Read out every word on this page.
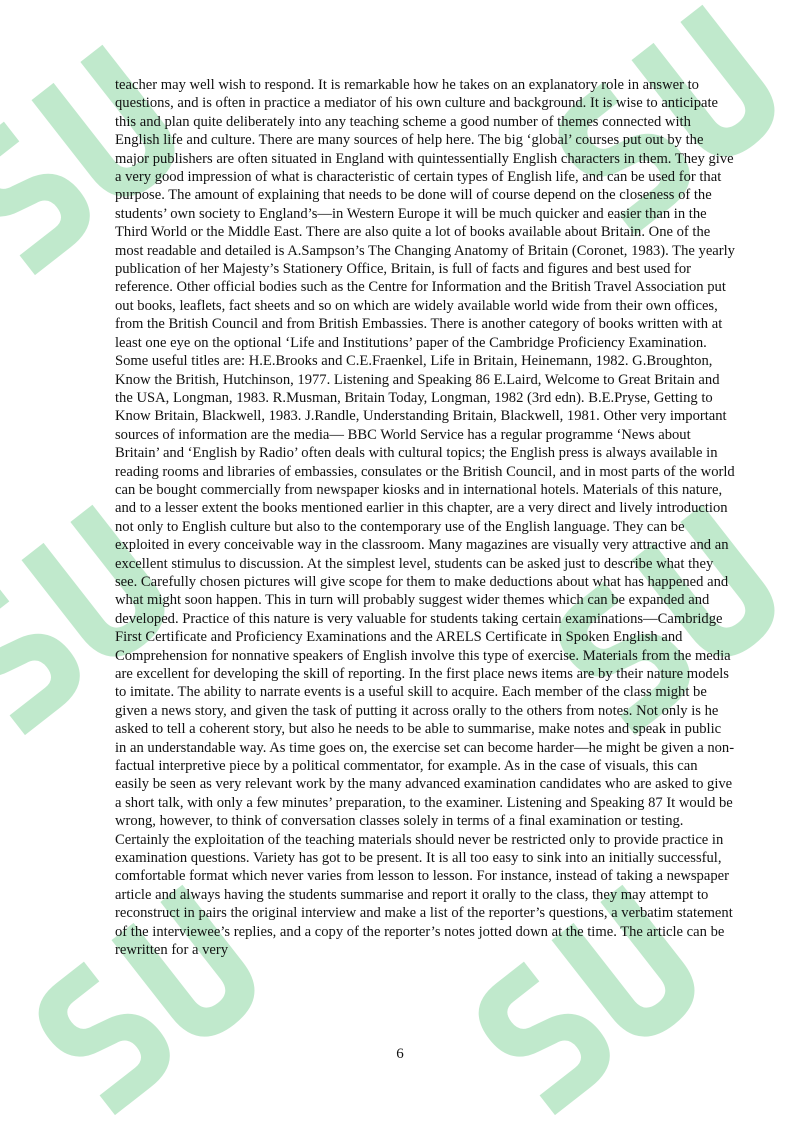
teacher may well wish to respond. It is remarkable how he takes on an explanatory role in answer to questions, and is often in practice a mediator of his own culture and background. It is wise to anticipate this and plan quite deliberately into any teaching scheme a good number of themes connected with English life and culture. There are many sources of help here. The big ‘global’ courses put out by the major publishers are often situated in England with quintessentially English characters in them. They give a very good impression of what is characteristic of certain types of English life, and can be used for that purpose. The amount of explaining that needs to be done will of course depend on the closeness of the students’ own society to England’s—in Western Europe it will be much quicker and easier than in the Third World or the Middle East. There are also quite a lot of books available about Britain. One of the most readable and detailed is A.Sampson’s The Changing Anatomy of Britain (Coronet, 1983). The yearly publication of her Majesty’s Stationery Office, Britain, is full of facts and figures and best used for reference. Other official bodies such as the Centre for Information and the British Travel Association put out books, leaflets, fact sheets and so on which are widely available world wide from their own offices, from the British Council and from British Embassies. There is another category of books written with at least one eye on the optional ‘Life and Institutions’ paper of the Cambridge Proficiency Examination. Some useful titles are: H.E.Brooks and C.E.Fraenkel, Life in Britain, Heinemann, 1982. G.Broughton, Know the British, Hutchinson, 1977. Listening and Speaking 86 E.Laird, Welcome to Great Britain and the USA, Longman, 1983. R.Musman, Britain Today, Longman, 1982 (3rd edn). B.E.Pryse, Getting to Know Britain, Blackwell, 1983. J.Randle, Understanding Britain, Blackwell, 1981. Other very important sources of information are the media— BBC World Service has a regular programme ‘News about Britain’ and ‘English by Radio’ often deals with cultural topics; the English press is always available in reading rooms and libraries of embassies, consulates or the British Council, and in most parts of the world can be bought commercially from newspaper kiosks and in international hotels. Materials of this nature, and to a lesser extent the books mentioned earlier in this chapter, are a very direct and lively introduction not only to English culture but also to the contemporary use of the English language. They can be exploited in every conceivable way in the classroom. Many magazines are visually very attractive and an excellent stimulus to discussion. At the simplest level, students can be asked just to describe what they see. Carefully chosen pictures will give scope for them to make deductions about what has happened and what might soon happen. This in turn will probably suggest wider themes which can be expanded and developed. Practice of this nature is very valuable for students taking certain examinations—Cambridge First Certificate and Proficiency Examinations and the ARELS Certificate in Spoken English and Comprehension for nonnative speakers of English involve this type of exercise. Materials from the media are excellent for developing the skill of reporting. In the first place news items are by their nature models to imitate. The ability to narrate events is a useful skill to acquire. Each member of the class might be given a news story, and given the task of putting it across orally to the others from notes. Not only is he asked to tell a coherent story, but also he needs to be able to summarise, make notes and speak in public in an understandable way. As time goes on, the exercise set can become harder—he might be given a non-factual interpretive piece by a political commentator, for example. As in the case of visuals, this can easily be seen as very relevant work by the many advanced examination candidates who are asked to give a short talk, with only a few minutes’ preparation, to the examiner. Listening and Speaking 87 It would be wrong, however, to think of conversation classes solely in terms of a final examination or testing. Certainly the exploitation of the teaching materials should never be restricted only to provide practice in examination questions. Variety has got to be present. It is all too easy to sink into an initially successful, comfortable format which never varies from lesson to lesson. For instance, instead of taking a newspaper article and always having the students summarise and report it orally to the class, they may attempt to reconstruct in pairs the original interview and make a list of the reporter’s questions, a verbatim statement of the interviewee’s replies, and a copy of the reporter’s notes jotted down at the time. The article can be rewritten for a very
6
